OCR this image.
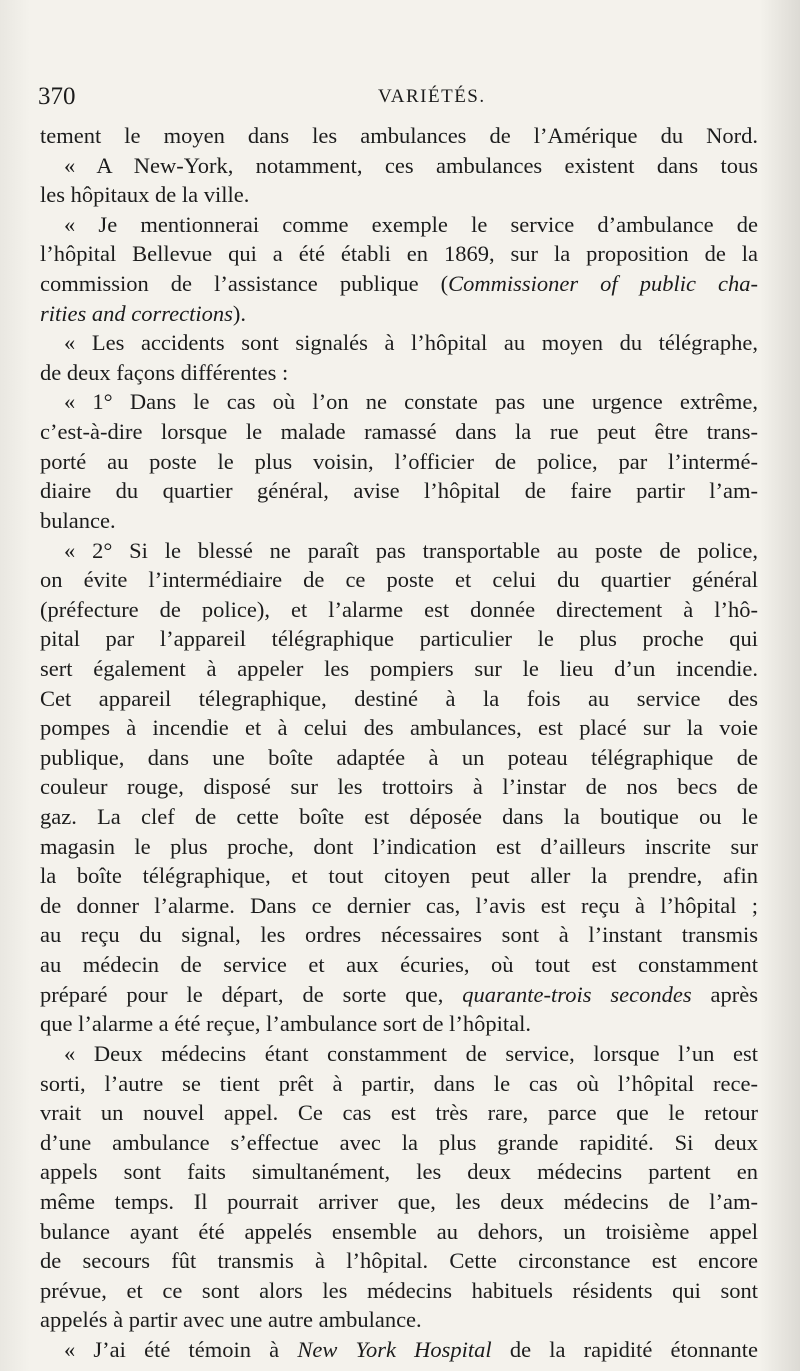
370	VARIÉTÉS.
tement le moyen dans les ambulances de l’Amérique du Nord.
« A New-York, notamment, ces ambulances existent dans tous
les hôpitaux de la ville.
« Je mentionnerai comme exemple le service d’ambulance de
l’hôpital Bellevue qui a été établi en 1869, sur la proposition de la
commission de l’assistance publique (Commissioner of public cha-
rities and corrections).
« Les accidents sont signalés à l’hôpital au moyen du télégraphe,
de deux façons différentes :
« 1° Dans le cas où l’on ne constate pas une urgence extrême,
c’est-à-dire lorsque le malade ramassé dans la rue peut être trans-
porté au poste le plus voisin, l’officier de police, par l’intermé-
diaire du quartier général, avise l’hôpital de faire partir l’am-
bulance.
« 2° Si le blessé ne paraît pas transportable au poste de police,
on évite l’intermédiaire de ce poste et celui du quartier général
(préfecture de police), et l’alarme est donnée directement à l’hô-
pital par l’appareil télégraphique particulier le plus proche qui
sert également à appeler les pompiers sur le lieu d’un incendie.
Cet appareil télegraphique, destiné à la fois au service des
pompes à incendie et à celui des ambulances, est placé sur la voie
publique, dans une boîte adaptée à un poteau télégraphique de
couleur rouge, disposé sur les trottoirs à l’instar de nos becs de
gaz. La clef de cette boîte est déposée dans la boutique ou le
magasin le plus proche, dont l’indication est d’ailleurs inscrite sur
la boîte télégraphique, et tout citoyen peut aller la prendre, afin
de donner l’alarme. Dans ce dernier cas, l’avis est reçu à l’hôpital ;
au reçu du signal, les ordres nécessaires sont à l’instant transmis
au médecin de service et aux écuries, où tout est constamment
préparé pour le départ, de sorte que, quarante-trois secondes après
que l’alarme a été reçue, l’ambulance sort de l’hôpital.
« Deux médecins étant constamment de service, lorsque l’un est
sorti, l’autre se tient prêt à partir, dans le cas où l’hôpital rece-
vrait un nouvel appel. Ce cas est très rare, parce que le retour
d’une ambulance s’effectue avec la plus grande rapidité. Si deux
appels sont faits simultanément, les deux médecins partent en
même temps. Il pourrait arriver que, les deux médecins de l’am-
bulance ayant été appelés ensemble au dehors, un troisième appel
de secours fût transmis à l’hôpital. Cette circonstance est encore
prévue, et ce sont alors les médecins habituels résidents qui sont
appelés à partir avec une autre ambulance.
« J’ai été témoin à New York Hospital de la rapidité étonnante
